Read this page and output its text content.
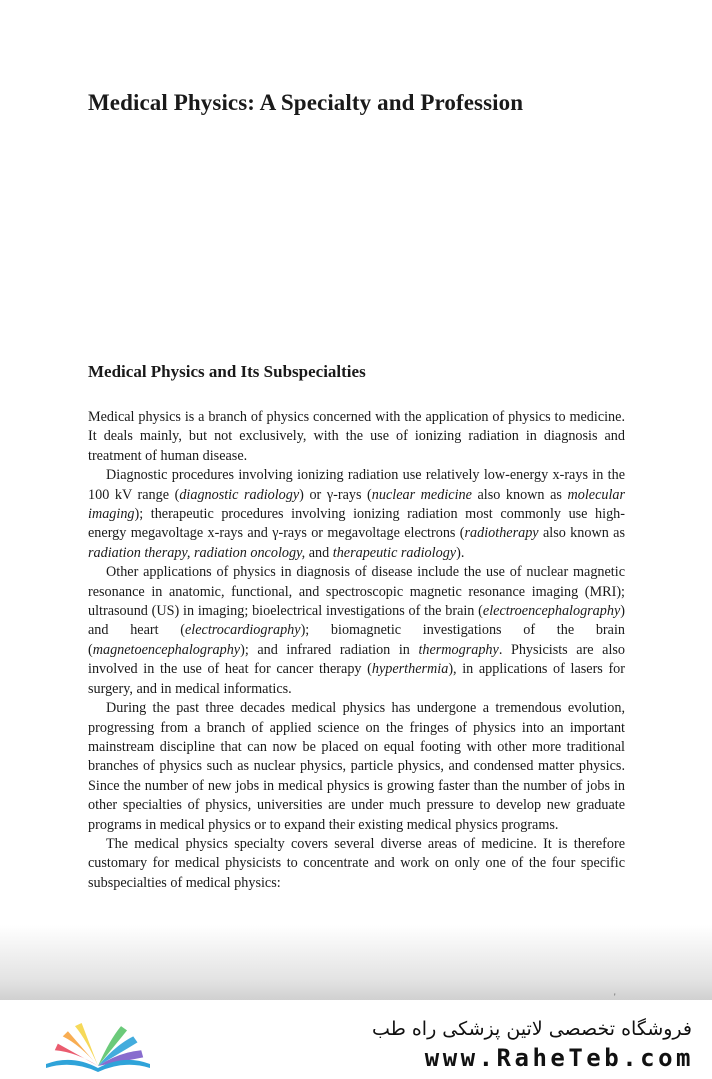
Medical Physics: A Specialty and Profession
Medical Physics and Its Subspecialties

Medical physics is a branch of physics concerned with the application of physics to medicine. It deals mainly, but not exclusively, with the use of ionizing radiation in diagnosis and treatment of human disease.

Diagnostic procedures involving ionizing radiation use relatively low-energy x-rays in the 100 kV range (diagnostic radiology) or γ-rays (nuclear medicine also known as molecular imaging); therapeutic procedures involving ionizing radiation most commonly use high-energy megavoltage x-rays and γ-rays or megavoltage electrons (radiotherapy also known as radiation therapy, radiation oncology, and therapeutic radiology).

Other applications of physics in diagnosis of disease include the use of nuclear magnetic resonance in anatomic, functional, and spectroscopic magnetic resonance imaging (MRI); ultrasound (US) in imaging; bioelectrical investigations of the brain (electroencephalography) and heart (electrocardiography); biomagnetic investigations of the brain (magnetoencephalography); and infrared radiation in thermography. Physicists are also involved in the use of heat for cancer therapy (hyperthermia), in applications of lasers for surgery, and in medical informatics.

During the past three decades medical physics has undergone a tremendous evolution, progressing from a branch of applied science on the fringes of physics into an important mainstream discipline that can now be placed on equal footing with other more traditional branches of physics such as nuclear physics, particle physics, and condensed matter physics. Since the number of new jobs in medical physics is growing faster than the number of jobs in other specialties of physics, universities are under much pressure to develop new graduate programs in medical physics or to expand their existing medical physics programs.

The medical physics specialty covers several diverse areas of medicine. It is therefore customary for medical physicists to concentrate and work on only one of the four specific subspecialties of medical physics:

فروشگاه تخصصی لاتین پزشکی راه طب

www.RaheTeb.com
